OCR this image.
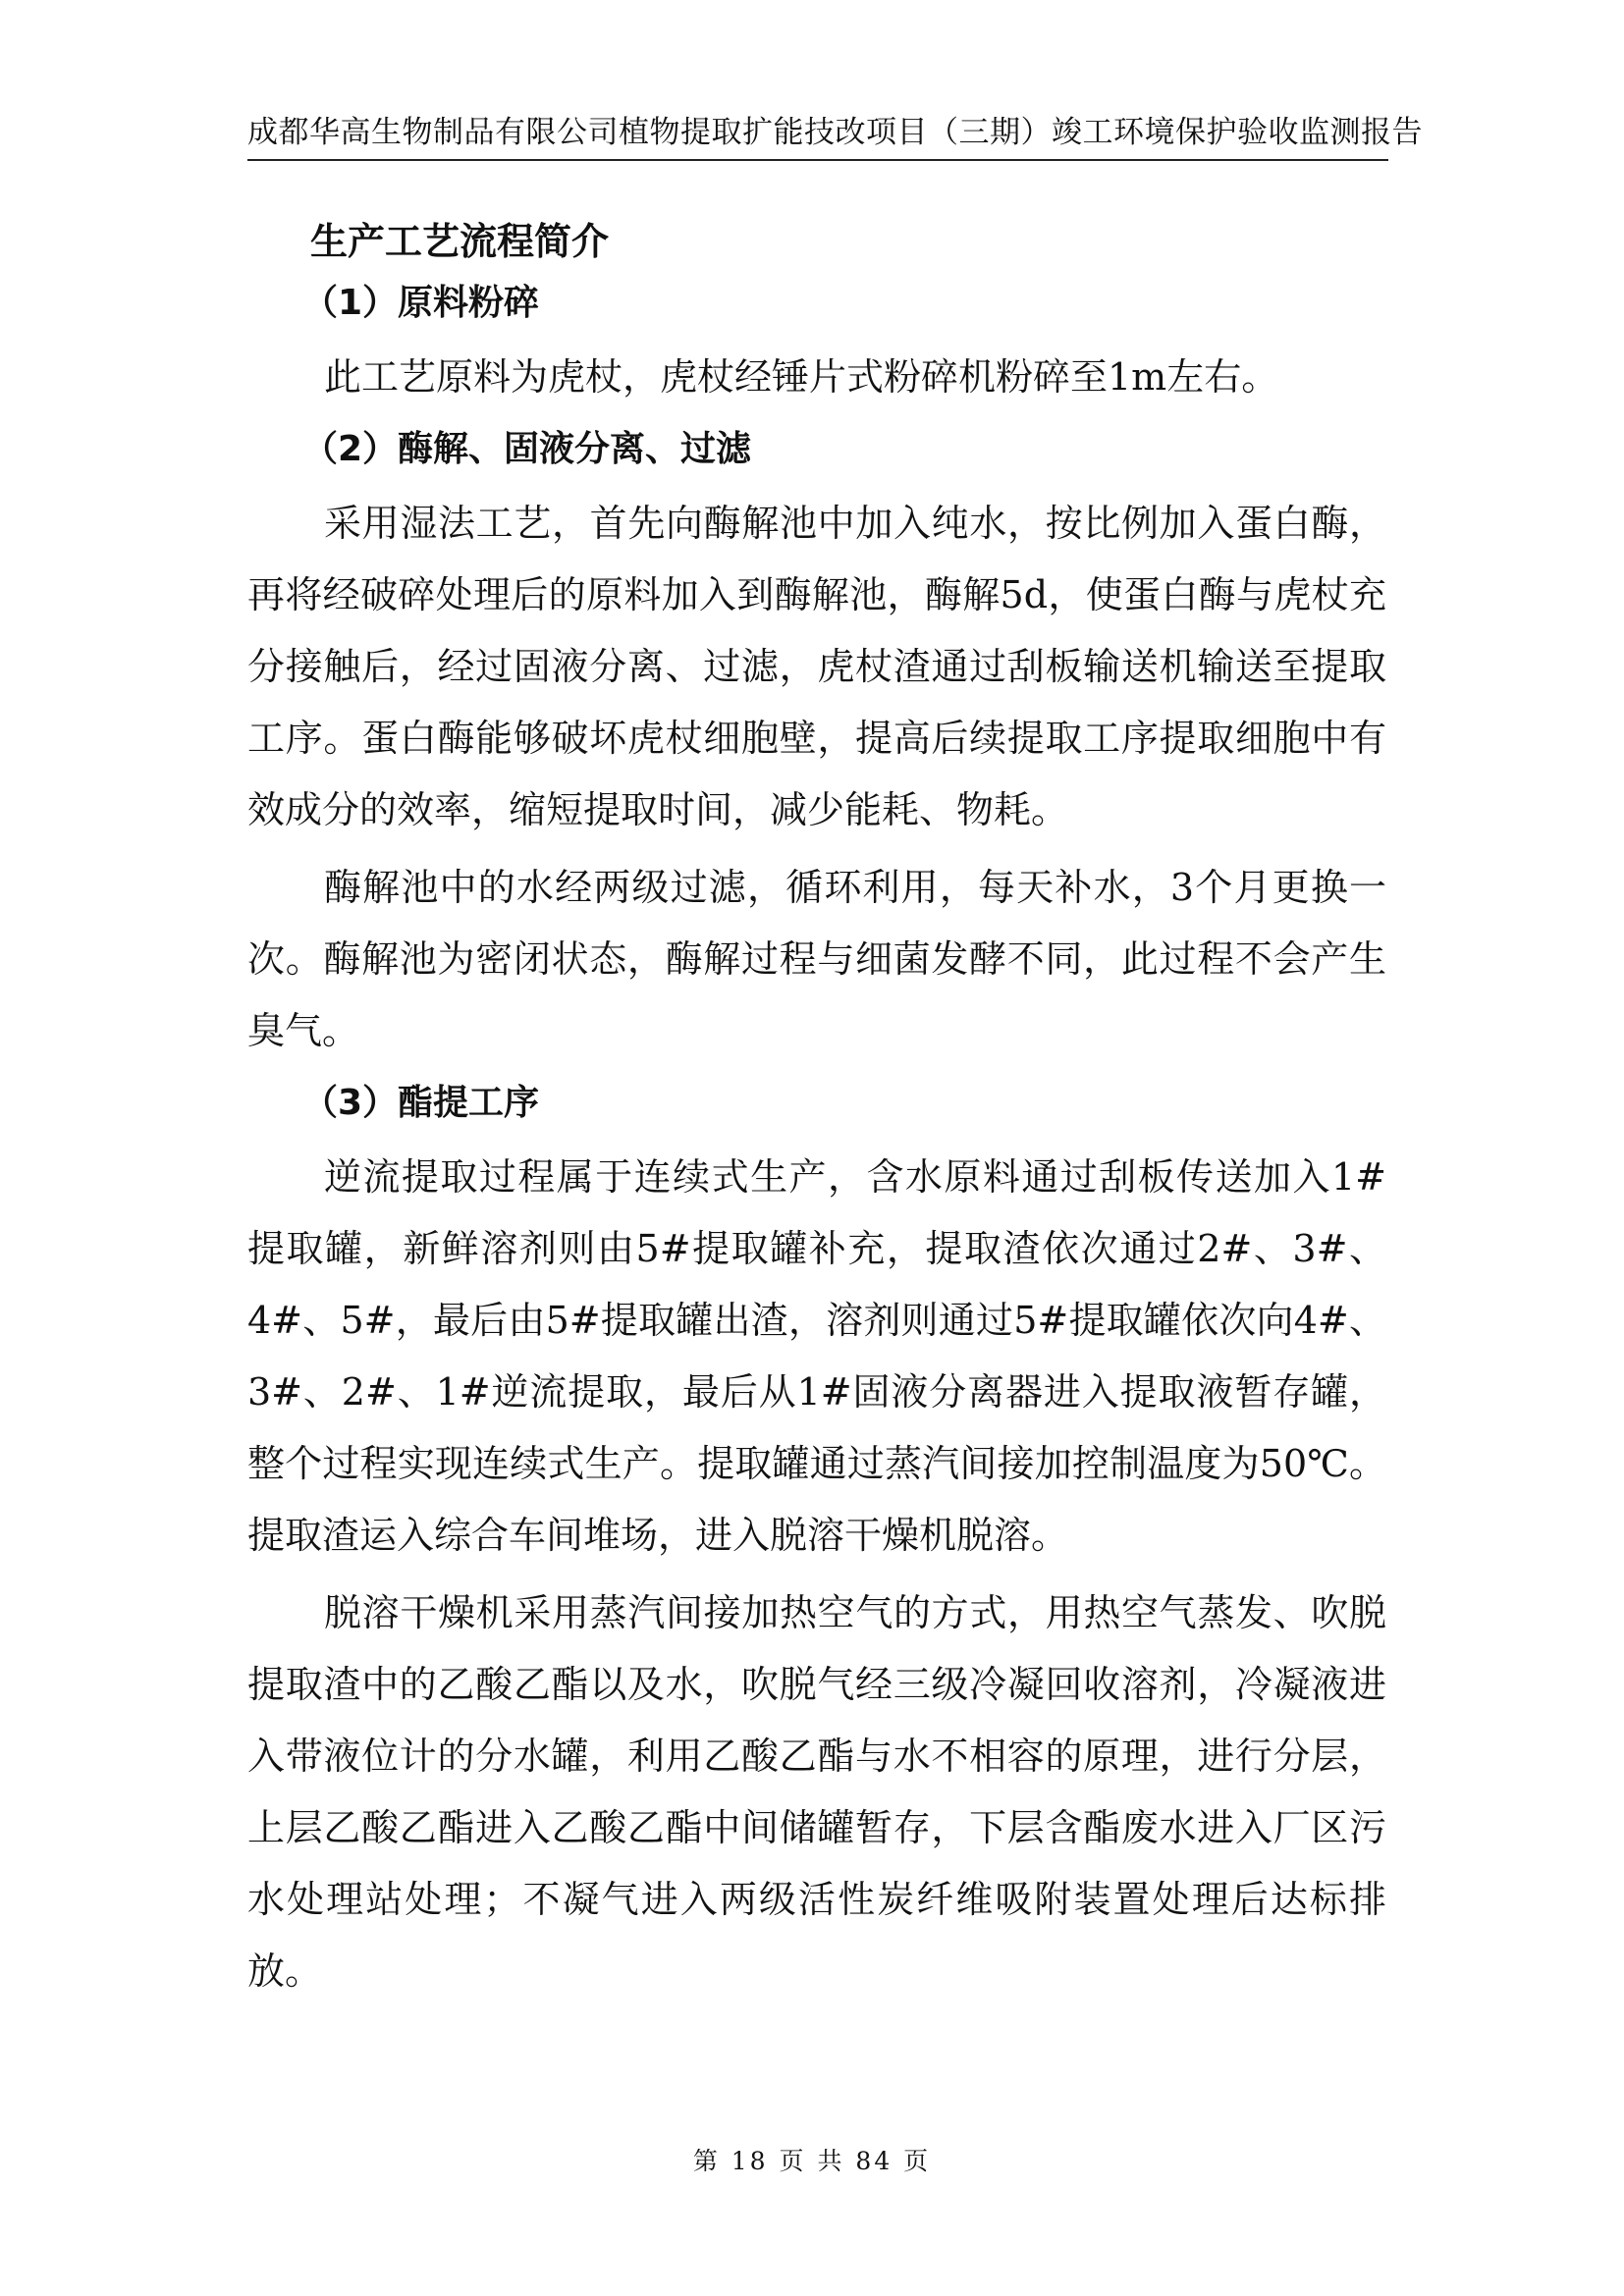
成都华高生物制品有限公司植物提取扩能技改项目（三期）竣工环境保护验收监测报告
生产工艺流程简介
（1）原料粉碎

此工艺原料为虎杖，虎杖经锤片式粉碎机粉碎至1m左右。

（2）酶解、固液分离、过滤

采用湿法工艺，首先向酶解池中加入纯水，按比例加入蛋白酶，再将经破碎处理后的原料加入到酶解池，酶解5d，使蛋白酶与虎杖充分接触后，经过固液分离、过滤，虎杖渣通过刮板输送机输送至提取工序。蛋白酶能够破坏虎杖细胞壁，提高后续提取工序提取细胞中有效成分的效率，缩短提取时间，减少能耗、物耗。

酶解池中的水经两级过滤，循环利用，每天补水，3个月更换一次。酶解池为密闭状态，酶解过程与细菌发酵不同，此过程不会产生臭气。

（3）酯提工序

逆流提取过程属于连续式生产，含水原料通过刮板传送加入1#提取罐，新鲜溶剂则由5#提取罐补充，提取渣依次通过2#、3#、4#、5#，最后由5#提取罐出渣，溶剂则通过5#提取罐依次向4#、3#、2#、1#逆流提取，最后从1#固液分离器进入提取液暂存罐，整个过程实现连续式生产。提取罐通过蒸汽间接加控制温度为50℃。提取渣运入综合车间堆场，进入脱溶干燥机脱溶。

脱溶干燥机采用蒸汽间接加热空气的方式，用热空气蒸发、吹脱提取渣中的乙酸乙酯以及水，吹脱气经三级冷凝回收溶剂，冷凝液进入带液位计的分水罐，利用乙酸乙酯与水不相容的原理，进行分层，上层乙酸乙酯进入乙酸乙酯中间储罐暂存，下层含酯废水进入厂区污水处理站处理；不凝气进入两级活性炭纤维吸附装置处理后达标排放。

第 18 页 共 84 页
